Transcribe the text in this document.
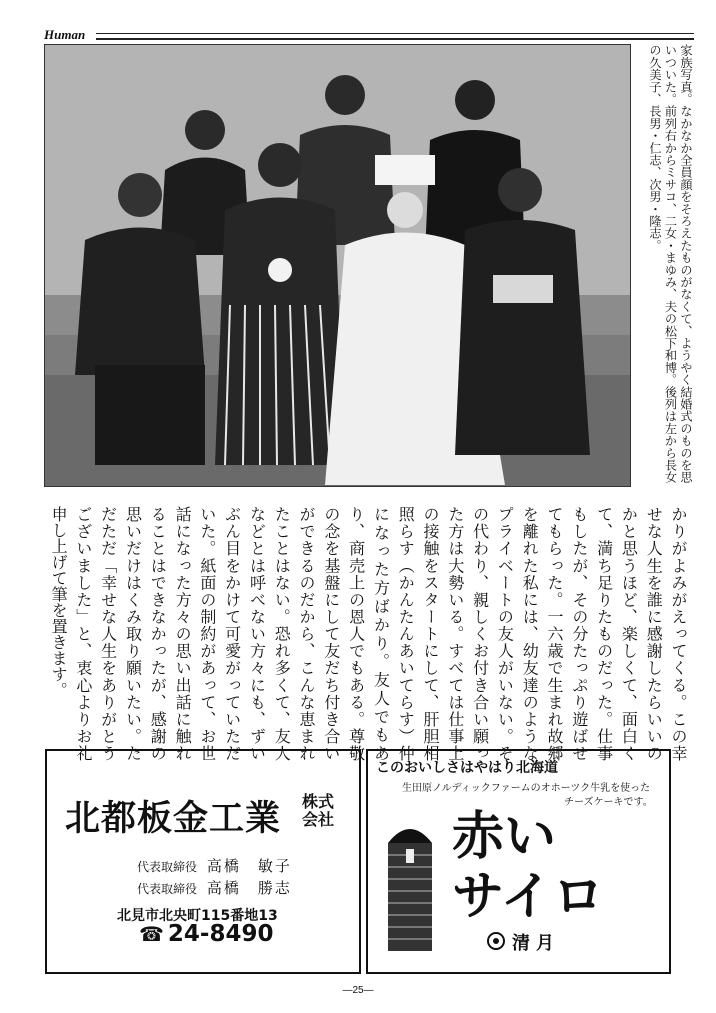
Human
家族写真。なかなか全員顔をそろえたものがなくて、ようやく結婚式のものを思いついた。前列右からミサコ、二女・まゆみ、夫の松下和博。後列は左から長女の久美子、長男・仁志、次男・隆志。

かりがよみがえってくる。この幸せな人生を誰に感謝したらいいのかと思うほど、楽しくて、面白くて、満ち足りたものだった。仕事もしたが、その分たっぷり遊ばせてもらった。一六歳で生まれ故郷を離れた私には、幼友達のようなプライベートの友人がいない。その代わり、親しくお付き合い願った方は大勢いる。すべては仕事上の接触をスタートにして、肝胆相照らす（かんたんあいてらす）仲になった方ばかり。友人でもあり、商売上の恩人でもある。尊敬の念を基盤にして友だち付き合いができるのだから、こんな恵まれたことはない。恐れ多くて、友人などとは呼べない方々にも、ずいぶん目をかけて可愛がっていただいた。紙面の制約があって、お世話になった方々の思い出話に触れることはできなかったが、感謝の思いだけはくみ取り願いたい。ただただ「幸せな人生をありがとうございました」と、衷心よりお礼申し上げて筆を置きます。

北都板金工業 株式会社
代表取締役 高橋　敏子
代表取締役 高橋　勝志
北見市北央町115番地13
☎ 24-8490
このおいしさはやはり北海道
生田原ノルディックファームのオホーツク牛乳を使った
チーズケーキです。
赤い
サイロ
清月
—25—
